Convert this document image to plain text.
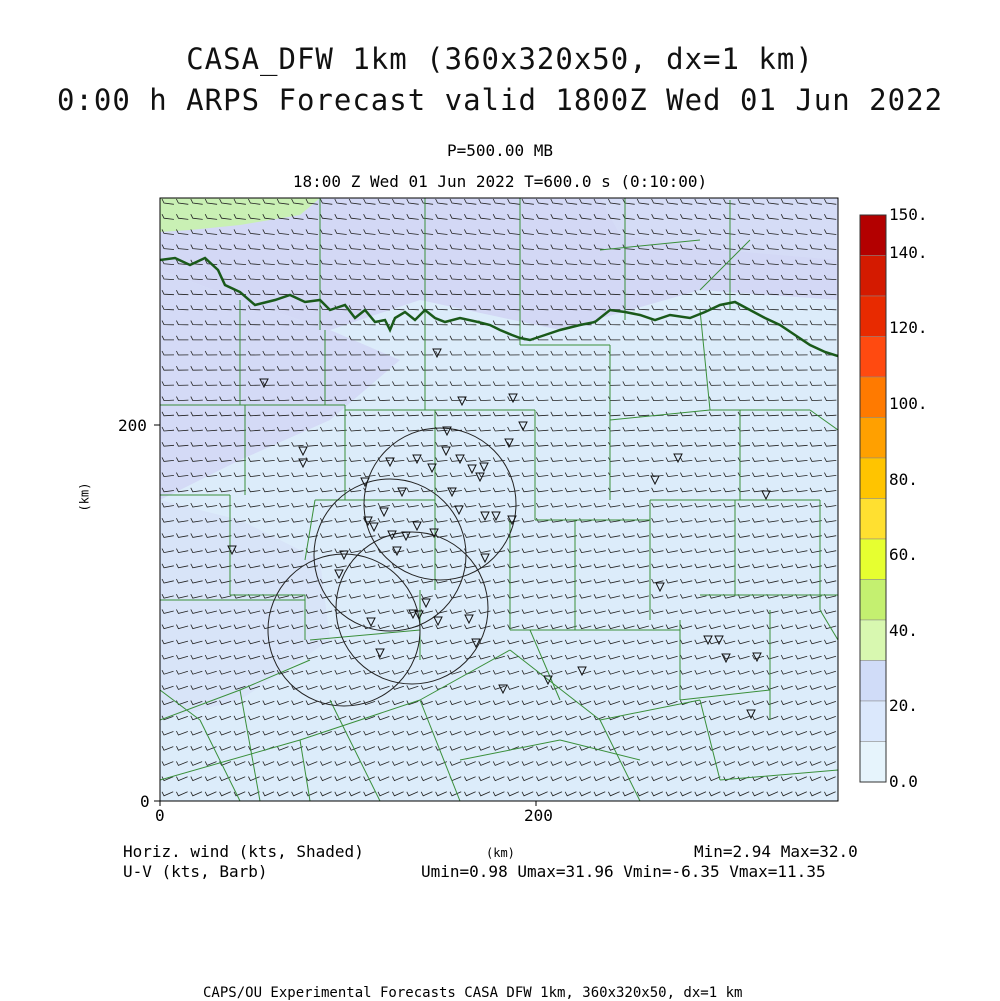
CASA_DFW 1km (360x320x50, dx=1 km)
0:00 h ARPS Forecast valid 1800Z Wed 01 Jun 2022
P=500.00 MB
18:00 Z Wed 01 Jun 2022 T=600.0 s (0:10:00)
200
0
0	200
(km)
(km)
150.
140.
120.
100.
80.
60.
40.
20.
0.0
Horiz. wind (kts, Shaded)
U-V (kts, Barb)
Min=2.94 Max=32.0
Umin=0.98 Umax=31.96 Vmin=-6.35 Vmax=11.35
CAPS/OU Experimental Forecasts CASA DFW 1km, 360x320x50, dx=1 km
